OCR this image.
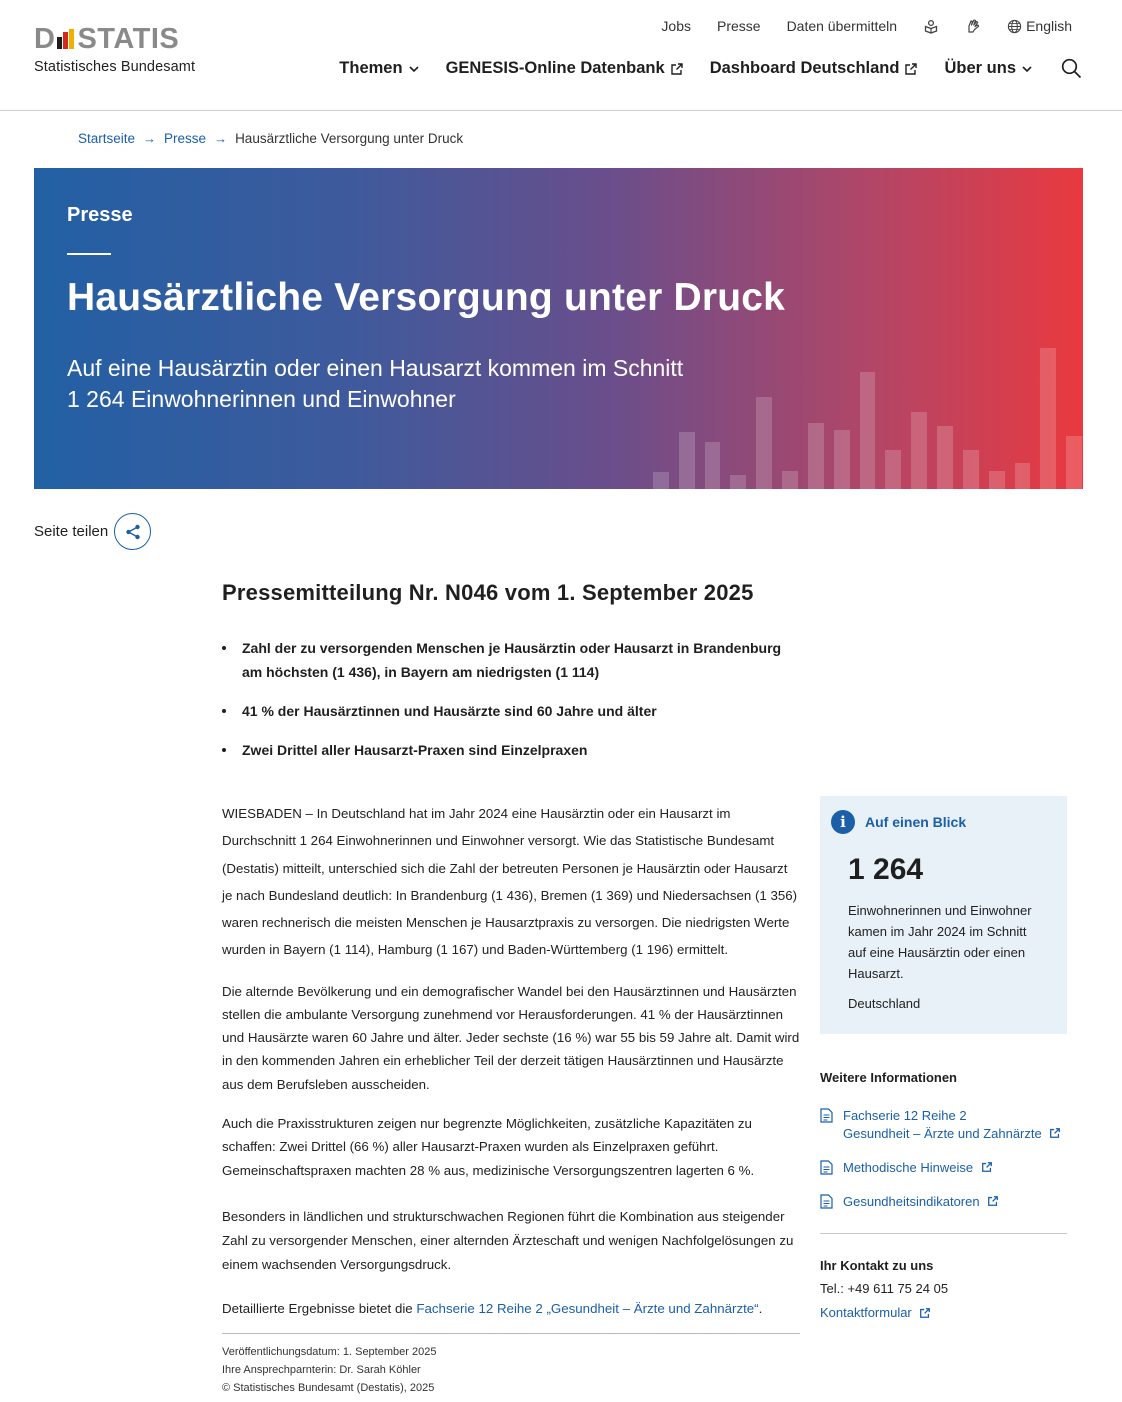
D STATIS
Statistisches Bundesamt
Jobs Presse Daten übermitteln	English
Themen	GENESIS-Online Datenbank	Dashboard Deutschland	Über uns
Startseite → Presse → Hausärztliche Versorgung unter Druck
Presse
Hausärztliche Versorgung unter Druck
Auf eine Hausärztin oder einen Hausarzt kommen im Schnitt 1 264 Einwohnerinnen und Einwohner
Seite teilen
Pressemitteilung Nr. N046 vom 1. September 2025
Zahl der zu versorgenden Menschen je Hausärztin oder Hausarzt in Brandenburg am höchsten (1 436), in Bayern am niedrigsten (1 114)
41 % der Hausärztinnen und Hausärzte sind 60 Jahre und älter
Zwei Drittel aller Hausarzt-Praxen sind Einzelpraxen

WIESBADEN – In Deutschland hat im Jahr 2024 eine Hausärztin oder ein Hausarzt im Durchschnitt 1 264 Einwohnerinnen und Einwohner versorgt. Wie das Statistische Bundesamt (Destatis) mitteilt, unterschied sich die Zahl der betreuten Personen je Hausärztin oder Hausarzt je nach Bundesland deutlich: In Brandenburg (1 436), Bremen (1 369) und Niedersachsen (1 356) waren rechnerisch die meisten Menschen je Hausarztpraxis zu versorgen. Die niedrigsten Werte wurden in Bayern (1 114), Hamburg (1 167) und Baden-Württemberg (1 196) ermittelt.

Die alternde Bevölkerung und ein demografischer Wandel bei den Hausärztinnen und Hausärzten stellen die ambulante Versorgung zunehmend vor Herausforderungen. 41 % der Hausärztinnen und Hausärzte waren 60 Jahre und älter. Jeder sechste (16 %) war 55 bis 59 Jahre alt. Damit wird in den kommenden Jahren ein erheblicher Teil der derzeit tätigen Hausärztinnen und Hausärzte aus dem Berufsleben ausscheiden.

Auch die Praxisstrukturen zeigen nur begrenzte Möglichkeiten, zusätzliche Kapazitäten zu schaffen: Zwei Drittel (66 %) aller Hausarzt-Praxen wurden als Einzelpraxen geführt. Gemeinschaftspraxen machten 28 % aus, medizinische Versorgungszentren lagerten 6 %.

Besonders in ländlichen und strukturschwachen Regionen führt die Kombination aus steigender Zahl zu versorgender Menschen, einer alternden Ärzteschaft und wenigen Nachfolgelösungen zu einem wachsenden Versorgungsdruck.

Detaillierte Ergebnisse bietet die Fachserie 12 Reihe 2 „Gesundheit – Ärzte und Zahnärzte“.

Veröffentlichungsdatum: 1. September 2025
Ihre Ansprechparnterin: Dr. Sarah Köhler
© Statistisches Bundesamt (Destatis), 2025
i	Auf einen Blick
1 264
Einwohnerinnen und Einwohner kamen im Jahr 2024 im Schnitt auf eine Hausärztin oder einen Hausarzt.
Deutschland
Weitere Informationen
Fachserie 12 Reihe 2
Gesundheit – Ärzte und Zahnärzte
Methodische Hinweise
Gesundheitsindikatoren
Ihr Kontakt zu uns
Tel.: +49 611 75 24 05
Kontaktformular
